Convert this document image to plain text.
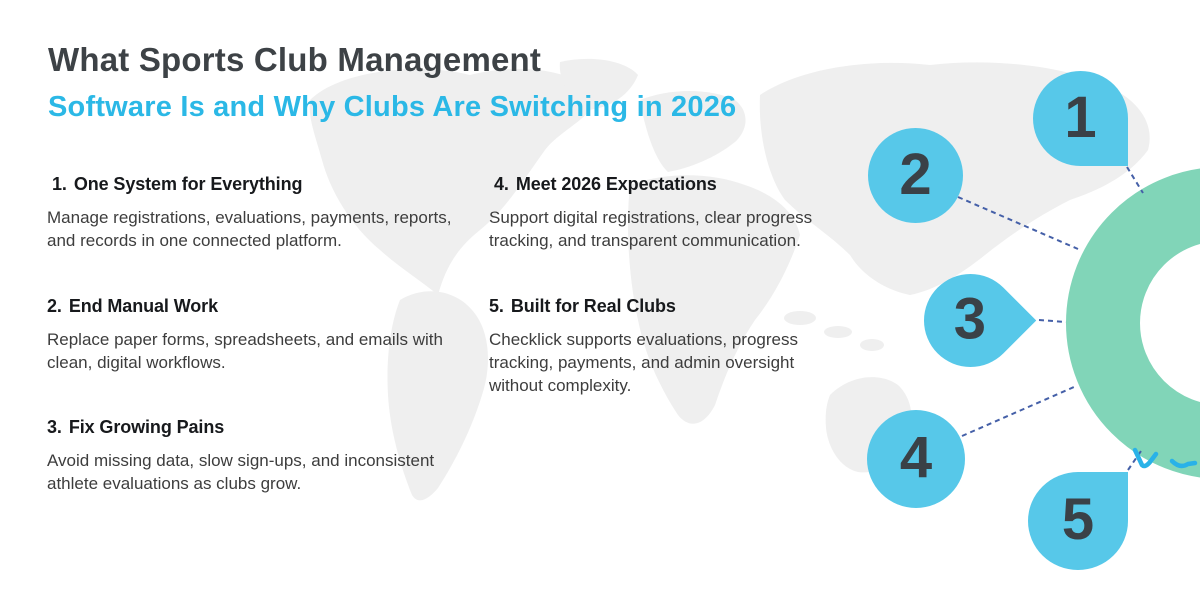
What Sports Club Management
Software Is and Why Clubs Are Switching in 2026
1. One System for Everything

Manage registrations, evaluations, payments, reports, and records in one connected platform.

2. End Manual Work

Replace paper forms, spreadsheets, and emails with clean, digital workflows.

3. Fix Growing Pains

Avoid missing data, slow sign-ups, and inconsistent athlete evaluations as clubs grow.

4. Meet 2026 Expectations

Support digital registrations, clear progress tracking, and transparent communication.

5. Built for Real Clubs

Checklick supports evaluations, progress tracking, payments, and admin oversight without complexity.

1
2
3
4
5
